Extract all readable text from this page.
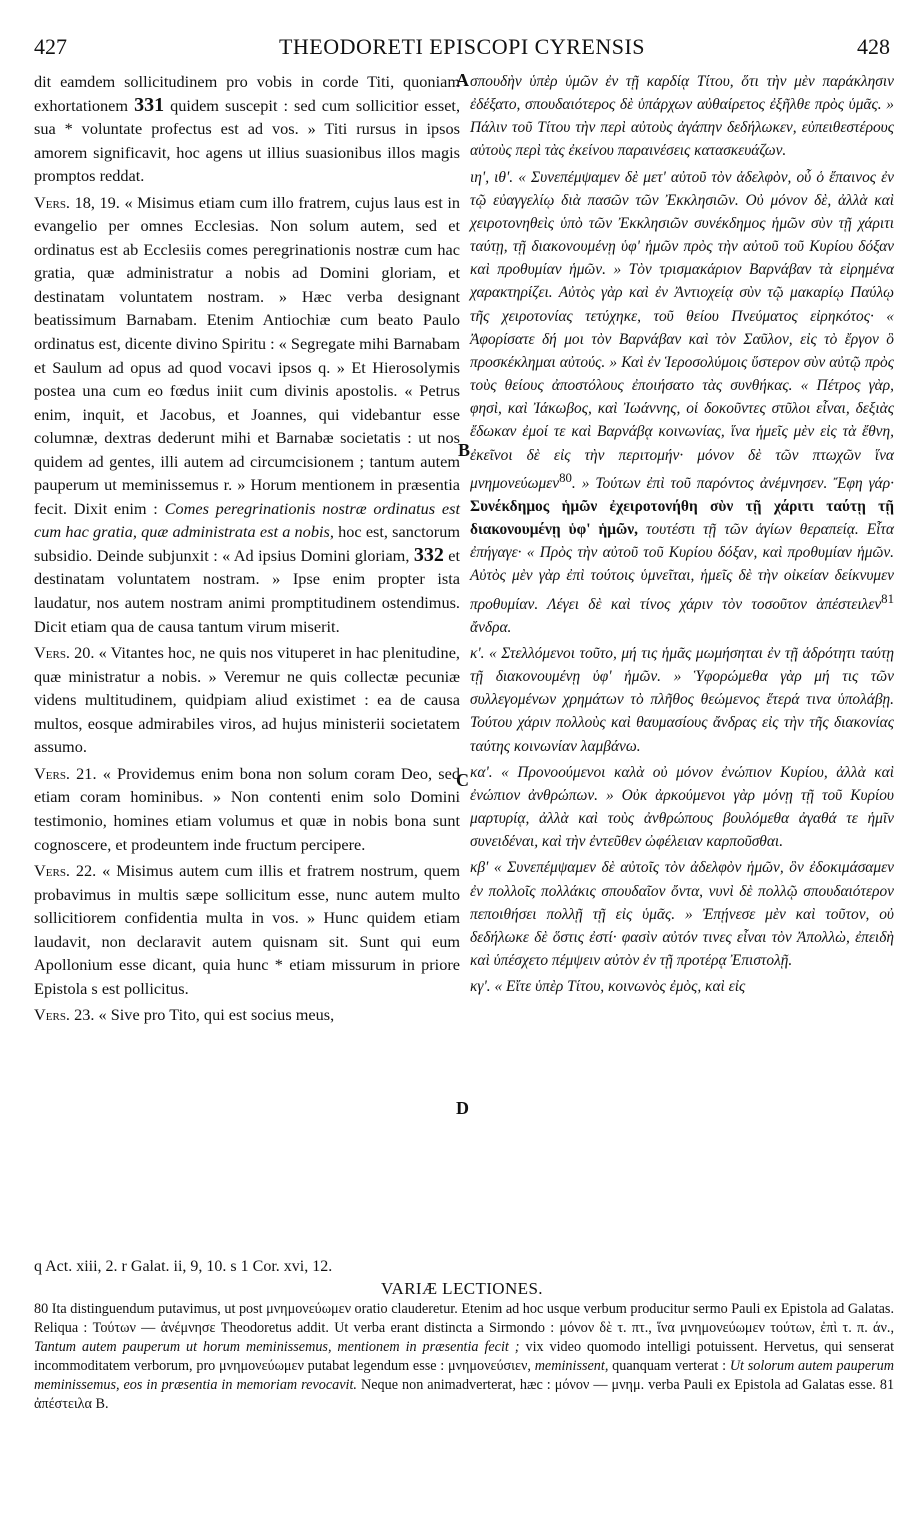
427	THEODORETI EPISCOPI CYRENSIS	428

dit eamdem sollicitudinem pro vobis in corde Titi, quoniam exhortationem 331 quidem suscepit : sed cum sollicitior esset, sua * voluntate profectus est ad vos. » Titi rursus in ipsos amorem significavit, hoc agens ut illius suasionibus illos magis promptos reddat.

Vers. 18, 19. « Misimus etiam cum illo fratrem, cujus laus est in evangelio per omnes Ecclesias. Non solum autem, sed et ordinatus est ab Ecclesiis comes peregrinationis nostræ cum hac gratia, quæ administratur a nobis ad Domini gloriam, et destinatam voluntatem nostram. » Hæc verba designant beatissimum Barnabam. Etenim Antiochiæ cum beato Paulo ordinatus est, dicente divino Spiritu : « Segregate mihi Barnabam et Saulum ad opus ad quod vocavi ipsos q. » Et Hierosolymis postea una cum eo fœdus iniit cum divinis apostolis. « Petrus enim, inquit, et Jacobus, et Joannes, qui videbantur esse columnæ, dextras dederunt mihi et Barnabæ societatis : ut nos quidem ad gentes, illi autem ad circumcisionem ; tantum autem pauperum ut meminissemus r. » Horum mentionem in præsentia fecit. Dixit enim : Comes peregrinationis nostræ ordinatus est cum hac gratia, quæ administrata est a nobis, hoc est, sanctorum subsidio. Deinde subjunxit : « Ad ipsius Domini gloriam, 332 et destinatam voluntatem nostram. » Ipse enim propter ista laudatur, nos autem nostram animi promptitudinem ostendimus. Dicit etiam qua de causa tantum virum miserit.

Vers. 20. « Vitantes hoc, ne quis nos vituperet in hac plenitudine, quæ ministratur a nobis. » Veremur ne quis collectæ pecuniæ videns multitudinem, quidpiam aliud existimet : ea de causa multos, eosque admirabiles viros, ad hujus ministerii societatem assumo.

Vers. 21. « Providemus enim bona non solum coram Deo, sed etiam coram hominibus. » Non contenti enim solo Domini testimonio, homines etiam volumus et quæ in nobis bona sunt cognoscere, et prodeuntem inde fructum percipere.

Vers. 22. « Misimus autem cum illis et fratrem nostrum, quem probavimus in multis sæpe sollicitum esse, nunc autem multo sollicitiorem confidentia multa in vos. » Hunc quidem etiam laudavit, non declaravit autem quisnam sit. Sunt qui eum Apollonium esse dicant, quia hunc * etiam missurum in priore Epistola s est pollicitus.

Vers. 23. « Sive pro Tito, qui est socius meus,

A
B
C
D

σπουδὴν ὑπὲρ ὑμῶν ἐν τῇ καρδίᾳ Τίτου, ὅτι τὴν μὲν παράκλησιν ἐδέξατο, σπουδαιότερος δὲ ὑπάρχων αὐθαίρετος ἐξῆλθε πρὸς ὑμᾶς. » Πάλιν τοῦ Τίτου τὴν περὶ αὐτοὺς ἀγάπην δεδήλωκεν, εὐπειθεστέρους αὐτοὺς περὶ τὰς ἐκείνου παραινέσεις κατασκευάζων.

ιη', ιθ'. « Συνεπέμψαμεν δὲ μετ' αὐτοῦ τὸν ἀδελφὸν, οὗ ὁ ἔπαινος ἐν τῷ εὐαγγελίῳ διὰ πασῶν τῶν Ἐκκλησιῶν. Οὐ μόνον δὲ, ἀλλὰ καὶ χειροτονηθεὶς ὑπὸ τῶν Ἐκκλησιῶν συνέκδημος ἡμῶν σὺν τῇ χάριτι ταύτῃ, τῇ διακονουμένῃ ὑφ' ἡμῶν πρὸς τὴν αὐτοῦ τοῦ Κυρίου δόξαν καὶ προθυμίαν ἡμῶν. » Τὸν τρισμακάριον Βαρνάβαν τὰ εἰρημένα χαρακτηρίζει. Αὐτὸς γὰρ καὶ ἐν Ἀντιοχείᾳ σὺν τῷ μακαρίῳ Παύλῳ τῆς χειροτονίας τετύχηκε, τοῦ θείου Πνεύματος εἰρηκότος· « Ἀφορίσατε δή μοι τὸν Βαρνάβαν καὶ τὸν Σαῦλον, εἰς τὸ ἔργον ὃ προσκέκλημαι αὐτούς. » Καὶ ἐν Ἱεροσολύμοις ὕστερον σὺν αὐτῷ πρὸς τοὺς θείους ἀποστόλους ἐποιήσατο τὰς συνθήκας. « Πέτρος γὰρ, φησὶ, καὶ Ἰάκωβος, καὶ Ἰωάννης, οἱ δοκοῦντες στῦλοι εἶναι, δεξιὰς ἔδωκαν ἐμοί τε καὶ Βαρνάβᾳ κοινωνίας, ἵνα ἡμεῖς μὲν εἰς τὰ ἔθνη, ἐκεῖνοι δὲ εἰς τὴν περιτομήν· μόνον δὲ τῶν πτωχῶν ἵνα μνημονεύωμεν$^{80}$. » Τούτων ἐπὶ τοῦ παρόντος ἀνέμνησεν. Ἔφη γάρ· Συνέκδημος ἡμῶν ἐχειροτονήθη σὺν τῇ χάριτι ταύτῃ τῇ διακονουμένῃ ὑφ' ἡμῶν, τουτέστι τῇ τῶν ἁγίων θεραπείᾳ. Εἶτα ἐπήγαγε· « Πρὸς τὴν αὐτοῦ τοῦ Κυρίου δόξαν, καὶ προθυμίαν ἡμῶν. Αὐτὸς μὲν γὰρ ἐπὶ τούτοις ὑμνεῖται, ἡμεῖς δὲ τὴν οἰκείαν δείκνυμεν προθυμίαν. Λέγει δὲ καὶ τίνος χάριν τὸν τοσοῦτον ἀπέστειλεν$^{81}$ ἄνδρα.

κ'. « Στελλόμενοι τοῦτο, μή τις ἡμᾶς μωμήσηται ἐν τῇ ἁδρότητι ταύτῃ τῇ διακονουμένῃ ὑφ' ἡμῶν. » Ὑφορώμεθα γὰρ μή τις τῶν συλλεγομένων χρημάτων τὸ πλῆθος θεώμενος ἕτερά τινα ὑπολάβῃ. Τούτου χάριν πολλοὺς καὶ θαυμασίους ἄνδρας εἰς τὴν τῆς διακονίας ταύτης κοινωνίαν λαμβάνω.

κα'. « Προνοούμενοι καλὰ οὐ μόνον ἐνώπιον Κυρίου, ἀλλὰ καὶ ἐνώπιον ἀνθρώπων. » Οὐκ ἀρκούμενοι γὰρ μόνῃ τῇ τοῦ Κυρίου μαρτυρίᾳ, ἀλλὰ καὶ τοὺς ἀνθρώπους βουλόμεθα ἀγαθά τε ἡμῖν συνειδέναι, καὶ τὴν ἐντεῦθεν ὠφέλειαν καρποῦσθαι.

κβ' « Συνεπέμψαμεν δὲ αὐτοῖς τὸν ἀδελφὸν ἡμῶν, ὃν ἐδοκιμάσαμεν ἐν πολλοῖς πολλάκις σπουδαῖον ὄντα, νυνὶ δὲ πολλῷ σπουδαιότερον πεποιθήσει πολλῇ τῇ εἰς ὑμᾶς. » Ἐπῄνεσε μὲν καὶ τοῦτον, οὐ δεδήλωκε δὲ ὅστις ἐστί· φασὶν αὐτόν τινες εἶναι τὸν Ἀπολλὼ, ἐπειδὴ καὶ ὑπέσχετο πέμψειν αὐτὸν ἐν τῇ προτέρᾳ Ἐπιστολῇ.

κγ'. « Εἴτε ὑπὲρ Τίτου, κοινωνὸς ἐμὸς, καὶ εἰς

q Act. xiii, 2. r Galat. ii, 9, 10. s 1 Cor. xvi, 12.
VARIÆ LECTIONES.

80 Ita distinguendum putavimus, ut post μνημονεύωμεν oratio clauderetur. Etenim ad hoc usque verbum producitur sermo Pauli ex Epistola ad Galatas. Reliqua : Τούτων — ἀνέμνησε Theodoretus addit. Ut verba erant distincta a Sirmondo : μόνον δὲ τ. πτ., ἵνα μνημονεύωμεν τούτων, ἐπὶ τ. π. άν., Tantum autem pauperum ut horum meminissemus, mentionem in præsentia fecit ; vix video quomodo intelligi potuissent. Hervetus, qui senserat incommoditatem verborum, pro μνημονεύωμεν putabat legendum esse : μνημονεύσιεν, meminissent, quanquam verterat : Ut solorum autem pauperum meminissemus, eos in præsentia in memoriam revocavit. Neque non animadverterat, hæc : μόνον — μνημ. verba Pauli ex Epistola ad Galatas esse. 81 ἀπέστειλα B.
